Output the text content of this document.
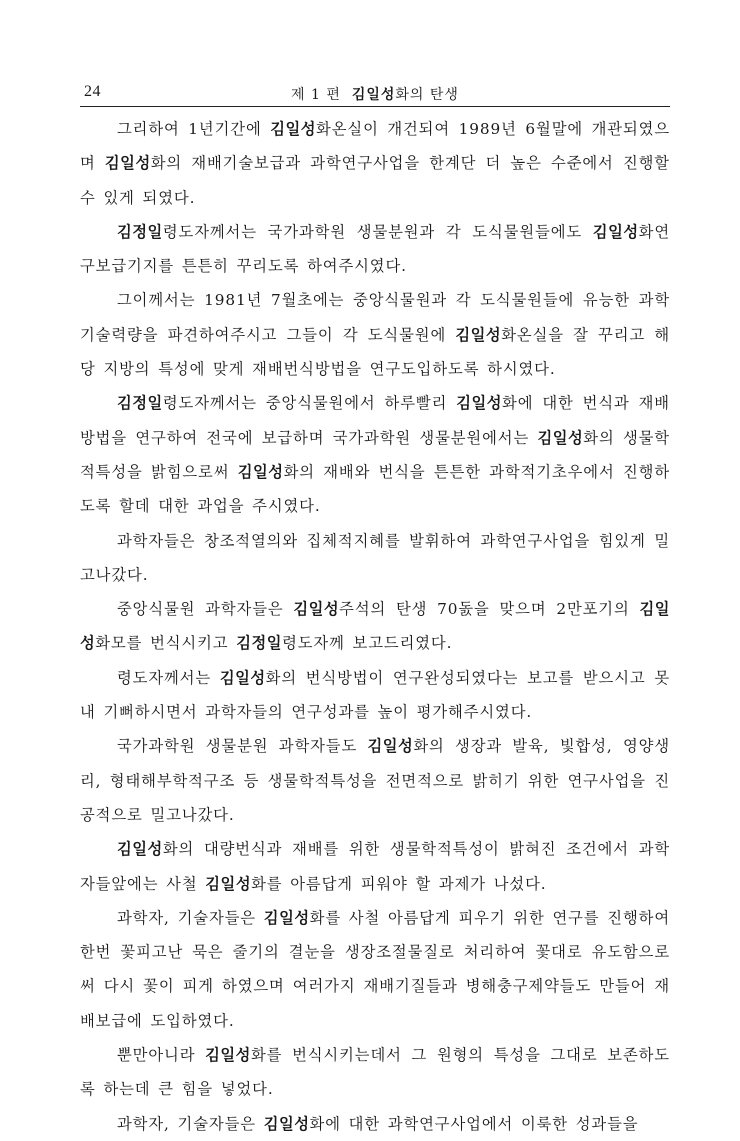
24	제 1 편 김일성화의 탄생

그리하여 1년기간에 김일성화온실이 개건되여 1989년 6월말에 개관되였으며 김일성화의 재배기술보급과 과학연구사업을 한계단 더 높은 수준에서 진행할수 있게 되였다.

김정일령도자께서는 국가과학원 생물분원과 각 도식물원들에도 김일성화연구보급기지를 튼튼히 꾸리도록 하여주시였다.

그이께서는 1981년 7월초에는 중앙식물원과 각 도식물원들에 유능한 과학기술력량을 파견하여주시고 그들이 각 도식물원에 김일성화온실을 잘 꾸리고 해당 지방의 특성에 맞게 재배번식방법을 연구도입하도록 하시였다.

김정일령도자께서는 중앙식물원에서 하루빨리 김일성화에 대한 번식과 재배방법을 연구하여 전국에 보급하며 국가과학원 생물분원에서는 김일성화의 생물학적특성을 밝힘으로써 김일성화의 재배와 번식을 튼튼한 과학적기초우에서 진행하도록 할데 대한 과업을 주시였다.

과학자들은 창조적열의와 집체적지혜를 발휘하여 과학연구사업을 힘있게 밀고나갔다.

중앙식물원 과학자들은 김일성주석의 탄생 70돐을 맞으며 2만포기의 김일성화모를 번식시키고 김정일령도자께 보고드리였다.

령도자께서는 김일성화의 번식방법이 연구완성되였다는 보고를 받으시고 못내 기뻐하시면서 과학자들의 연구성과를 높이 평가해주시였다.

국가과학원 생물분원 과학자들도 김일성화의 생장과 발육, 빛합성, 영양생리, 형태해부학적구조 등 생물학적특성을 전면적으로 밝히기 위한 연구사업을 진공적으로 밀고나갔다.

김일성화의 대량번식과 재배를 위한 생물학적특성이 밝혀진 조건에서 과학자들앞에는 사철 김일성화를 아름답게 피워야 할 과제가 나섰다.

과학자, 기술자들은 김일성화를 사철 아름답게 피우기 위한 연구를 진행하여 한번 꽃피고난 묵은 줄기의 결눈을 생장조절물질로 처리하여 꽃대로 유도함으로써 다시 꽃이 피게 하였으며 여러가지 재배기질들과 병해충구제약들도 만들어 재배보급에 도입하였다.

뿐만아니라 김일성화를 번식시키는데서 그 원형의 특성을 그대로 보존하도록 하는데 큰 힘을 넣었다.

과학자, 기술자들은 김일성화에 대한 과학연구사업에서 이룩한 성과들을
